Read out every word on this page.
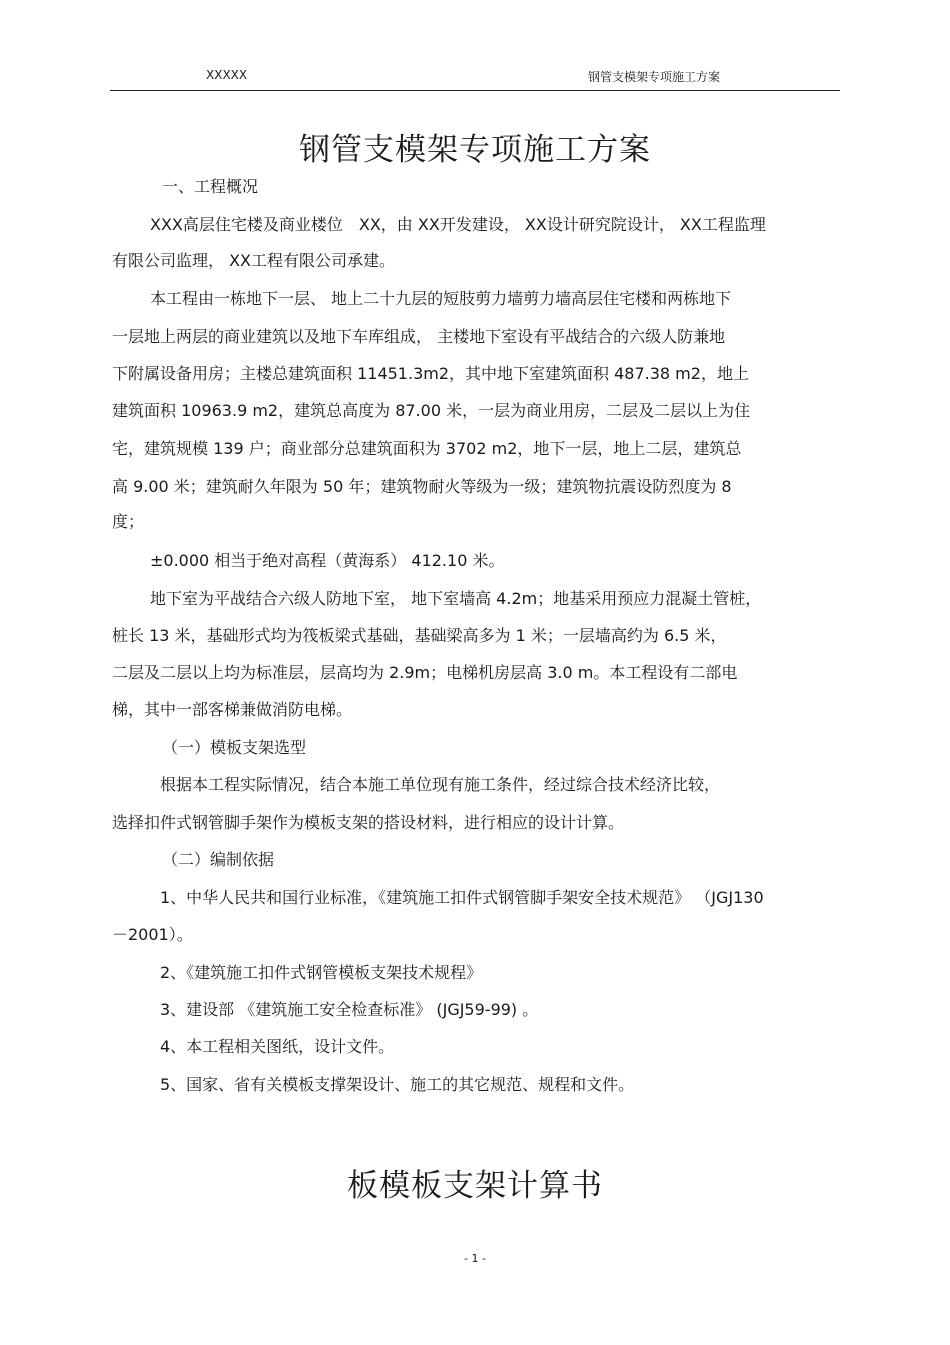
XXXXX	钢管支模架专项施工方案
钢管支模架专项施工方案
一、工程概况
XXX高层住宅楼及商业楼位　XX，由 XX开发建设， XX设计研究院设计， XX工程监理
有限公司监理， XX工程有限公司承建。
本工程由一栋地下一层、 地上二十九层的短肢剪力墙剪力墙高层住宅楼和两栋地下
一层地上两层的商业建筑以及地下车库组成， 主楼地下室设有平战结合的六级人防兼地
下附属设备用房；主楼总建筑面积 11451.3m2，其中地下室建筑面积 487.38 m2，地上
建筑面积 10963.9 m2，建筑总高度为 87.00 米，一层为商业用房，二层及二层以上为住
宅，建筑规模 139 户；商业部分总建筑面积为 3702 m2，地下一层，地上二层，建筑总
高 9.00 米；建筑耐久年限为 50 年；建筑物耐火等级为一级；建筑物抗震设防烈度为 8
度；
±0.000 相当于绝对高程（黄海系） 412.10 米。
地下室为平战结合六级人防地下室， 地下室墙高 4.2m；地基采用预应力混凝土管桩，
桩长 13 米，基础形式均为筏板梁式基础，基础梁高多为 1 米；一层墙高约为 6.5 米，
二层及二层以上均为标准层，层高均为 2.9m；电梯机房层高 3.0 m。本工程设有二部电
梯，其中一部客梯兼做消防电梯。
（一）模板支架选型
根据本工程实际情况，结合本施工单位现有施工条件，经过综合技术经济比较，
选择扣件式钢管脚手架作为模板支架的搭设材料，进行相应的设计计算。
（二）编制依据
1、中华人民共和国行业标准，《建筑施工扣件式钢管脚手架安全技术规范》 （JGJ130
－2001）。
2、《建筑施工扣件式钢管模板支架技术规程》
3、建设部 《建筑施工安全检查标准》 (JGJ59-99) 。
4、本工程相关图纸，设计文件。
5、国家、省有关模板支撑架设计、施工的其它规范、规程和文件。
板模板支架计算书
- 1 -
